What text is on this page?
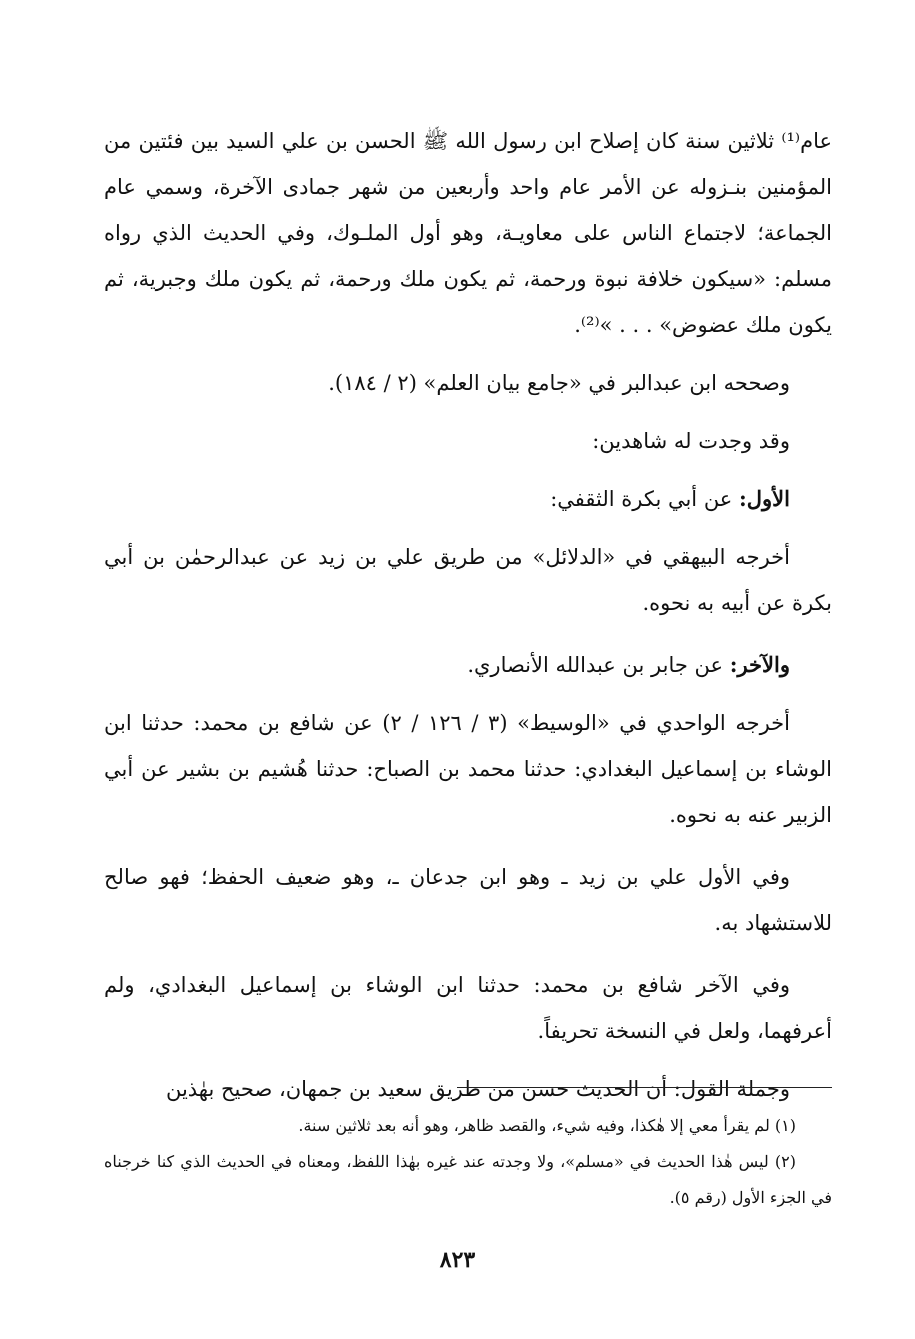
عام⁽¹⁾ ثلاثين سنة كان إصلاح ابن رسول الله ﷺ الحسن بن علي السيد بين فئتين من المؤمنين بنـزوله عن الأمر عام واحد وأربعين من شهر جمادى الآخرة، وسمي عام الجماعة؛ لاجتماع الناس على معاويـة، وهو أول الملـوك، وفي الحديث الذي رواه مسلم: «سيكون خلافة نبوة ورحمة، ثم يكون ملك ورحمة، ثم يكون ملك وجبرية، ثم يكون ملك عضوض» . . . »⁽²⁾.

وصححه ابن عبدالبر في «جامع بيان العلم» (٢ / ١٨٤).

وقد وجدت له شاهدين:

الأول: عن أبي بكرة الثقفي:

أخرجه البيهقي في «الدلائل» من طريق علي بن زيد عن عبدالرحمٰن بن أبي بكرة عن أبيه به نحوه.

والآخر: عن جابر بن عبدالله الأنصاري.

أخرجه الواحدي في «الوسيط» (٣ / ١٢٦ / ٢) عن شافع بن محمد: حدثنا ابن الوشاء بن إسماعيل البغدادي: حدثنا محمد بن الصباح: حدثنا هُشيم بن بشير عن أبي الزبير عنه به نحوه.

وفي الأول علي بن زيد ـ وهو ابن جدعان ـ، وهو ضعيف الحفظ؛ فهو صالح للاستشهاد به.

وفي الآخر شافع بن محمد: حدثنا ابن الوشاء بن إسماعيل البغدادي، ولم أعرفهما، ولعل في النسخة تحريفاً.

وجملة القول: أن الحديث حسن من طريق سعيد بن جمهان، صحيح بهٰذين

(١) لم يقرأ معي إلا هٰكذا، وفيه شيء، والقصد ظاهر، وهو أنه بعد ثلاثين سنة.

(٢) ليس هٰذا الحديث في «مسلم»، ولا وجدته عند غيره بهٰذا اللفظ، ومعناه في الحديث الذي كنا خرجناه في الجزء الأول (رقم ٥).

٨٢٣
